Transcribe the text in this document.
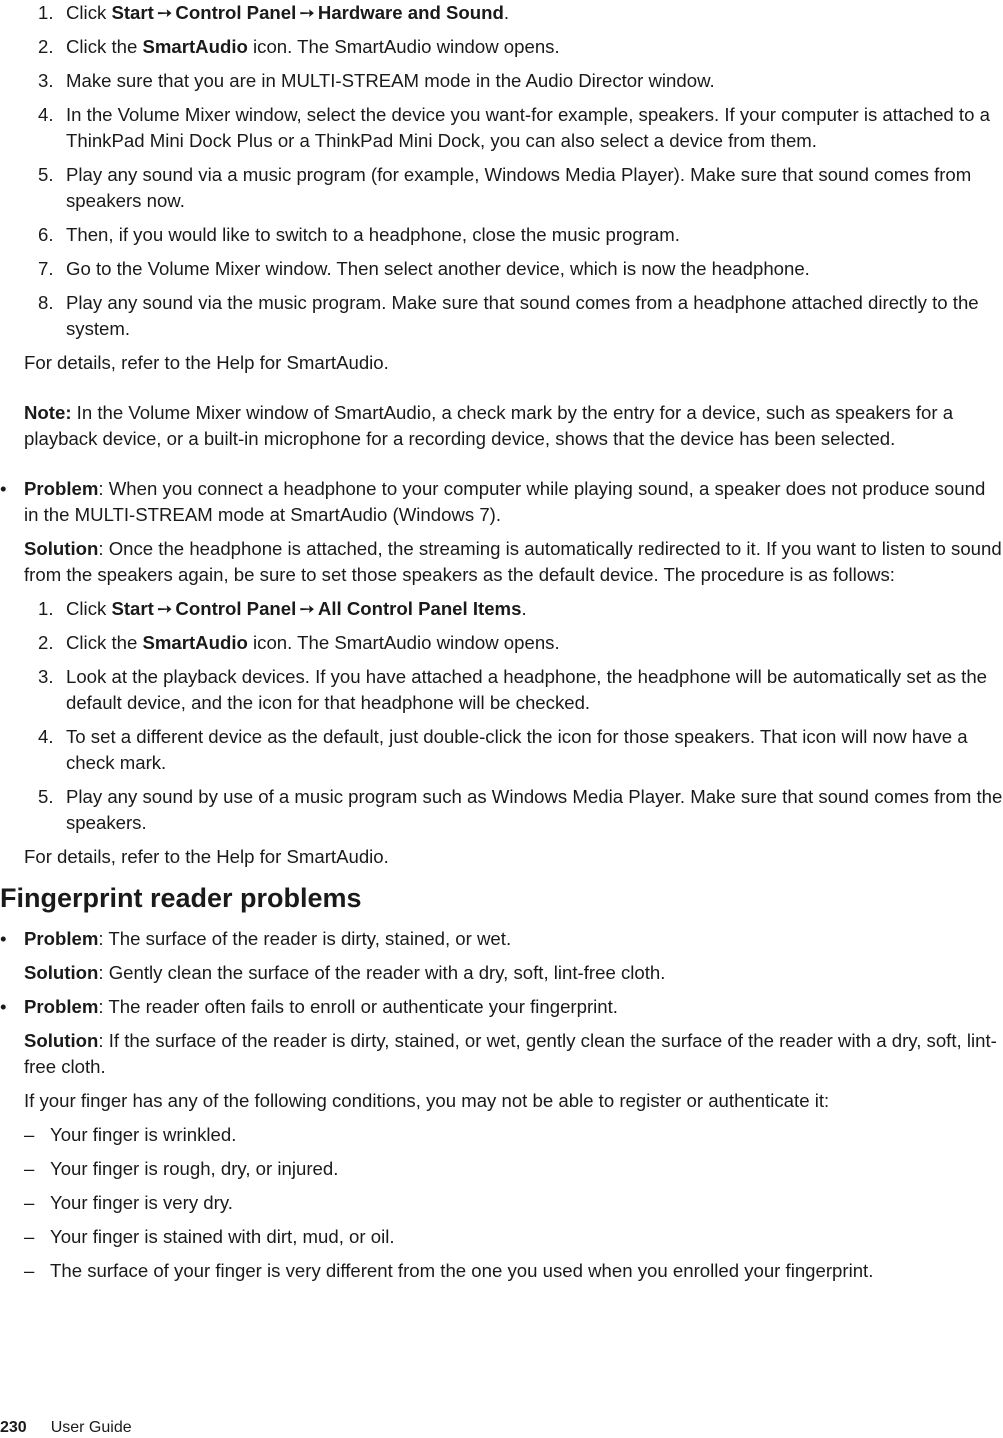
1. Click Start ➙ Control Panel ➙ Hardware and Sound.
2. Click the SmartAudio icon. The SmartAudio window opens.
3. Make sure that you are in MULTI-STREAM mode in the Audio Director window.
4. In the Volume Mixer window, select the device you want-for example, speakers. If your computer is attached to a ThinkPad Mini Dock Plus or a ThinkPad Mini Dock, you can also select a device from them.
5. Play any sound via a music program (for example, Windows Media Player). Make sure that sound comes from speakers now.
6. Then, if you would like to switch to a headphone, close the music program.
7. Go to the Volume Mixer window. Then select another device, which is now the headphone.
8. Play any sound via the music program. Make sure that sound comes from a headphone attached directly to the system.
For details, refer to the Help for SmartAudio.
Note: In the Volume Mixer window of SmartAudio, a check mark by the entry for a device, such as speakers for a playback device, or a built-in microphone for a recording device, shows that the device has been selected.
• Problem: When you connect a headphone to your computer while playing sound, a speaker does not produce sound in the MULTI-STREAM mode at SmartAudio (Windows 7).
Solution: Once the headphone is attached, the streaming is automatically redirected to it. If you want to listen to sound from the speakers again, be sure to set those speakers as the default device. The procedure is as follows:
1. Click Start ➙ Control Panel ➙ All Control Panel Items.
2. Click the SmartAudio icon. The SmartAudio window opens.
3. Look at the playback devices. If you have attached a headphone, the headphone will be automatically set as the default device, and the icon for that headphone will be checked.
4. To set a different device as the default, just double-click the icon for those speakers. That icon will now have a check mark.
5. Play any sound by use of a music program such as Windows Media Player. Make sure that sound comes from the speakers.
For details, refer to the Help for SmartAudio.
Fingerprint reader problems
• Problem: The surface of the reader is dirty, stained, or wet.
Solution: Gently clean the surface of the reader with a dry, soft, lint-free cloth.
• Problem: The reader often fails to enroll or authenticate your fingerprint.
Solution: If the surface of the reader is dirty, stained, or wet, gently clean the surface of the reader with a dry, soft, lint-free cloth.
If your finger has any of the following conditions, you may not be able to register or authenticate it:
– Your finger is wrinkled.
– Your finger is rough, dry, or injured.
– Your finger is very dry.
– Your finger is stained with dirt, mud, or oil.
– The surface of your finger is very different from the one you used when you enrolled your fingerprint.
230 User Guide
